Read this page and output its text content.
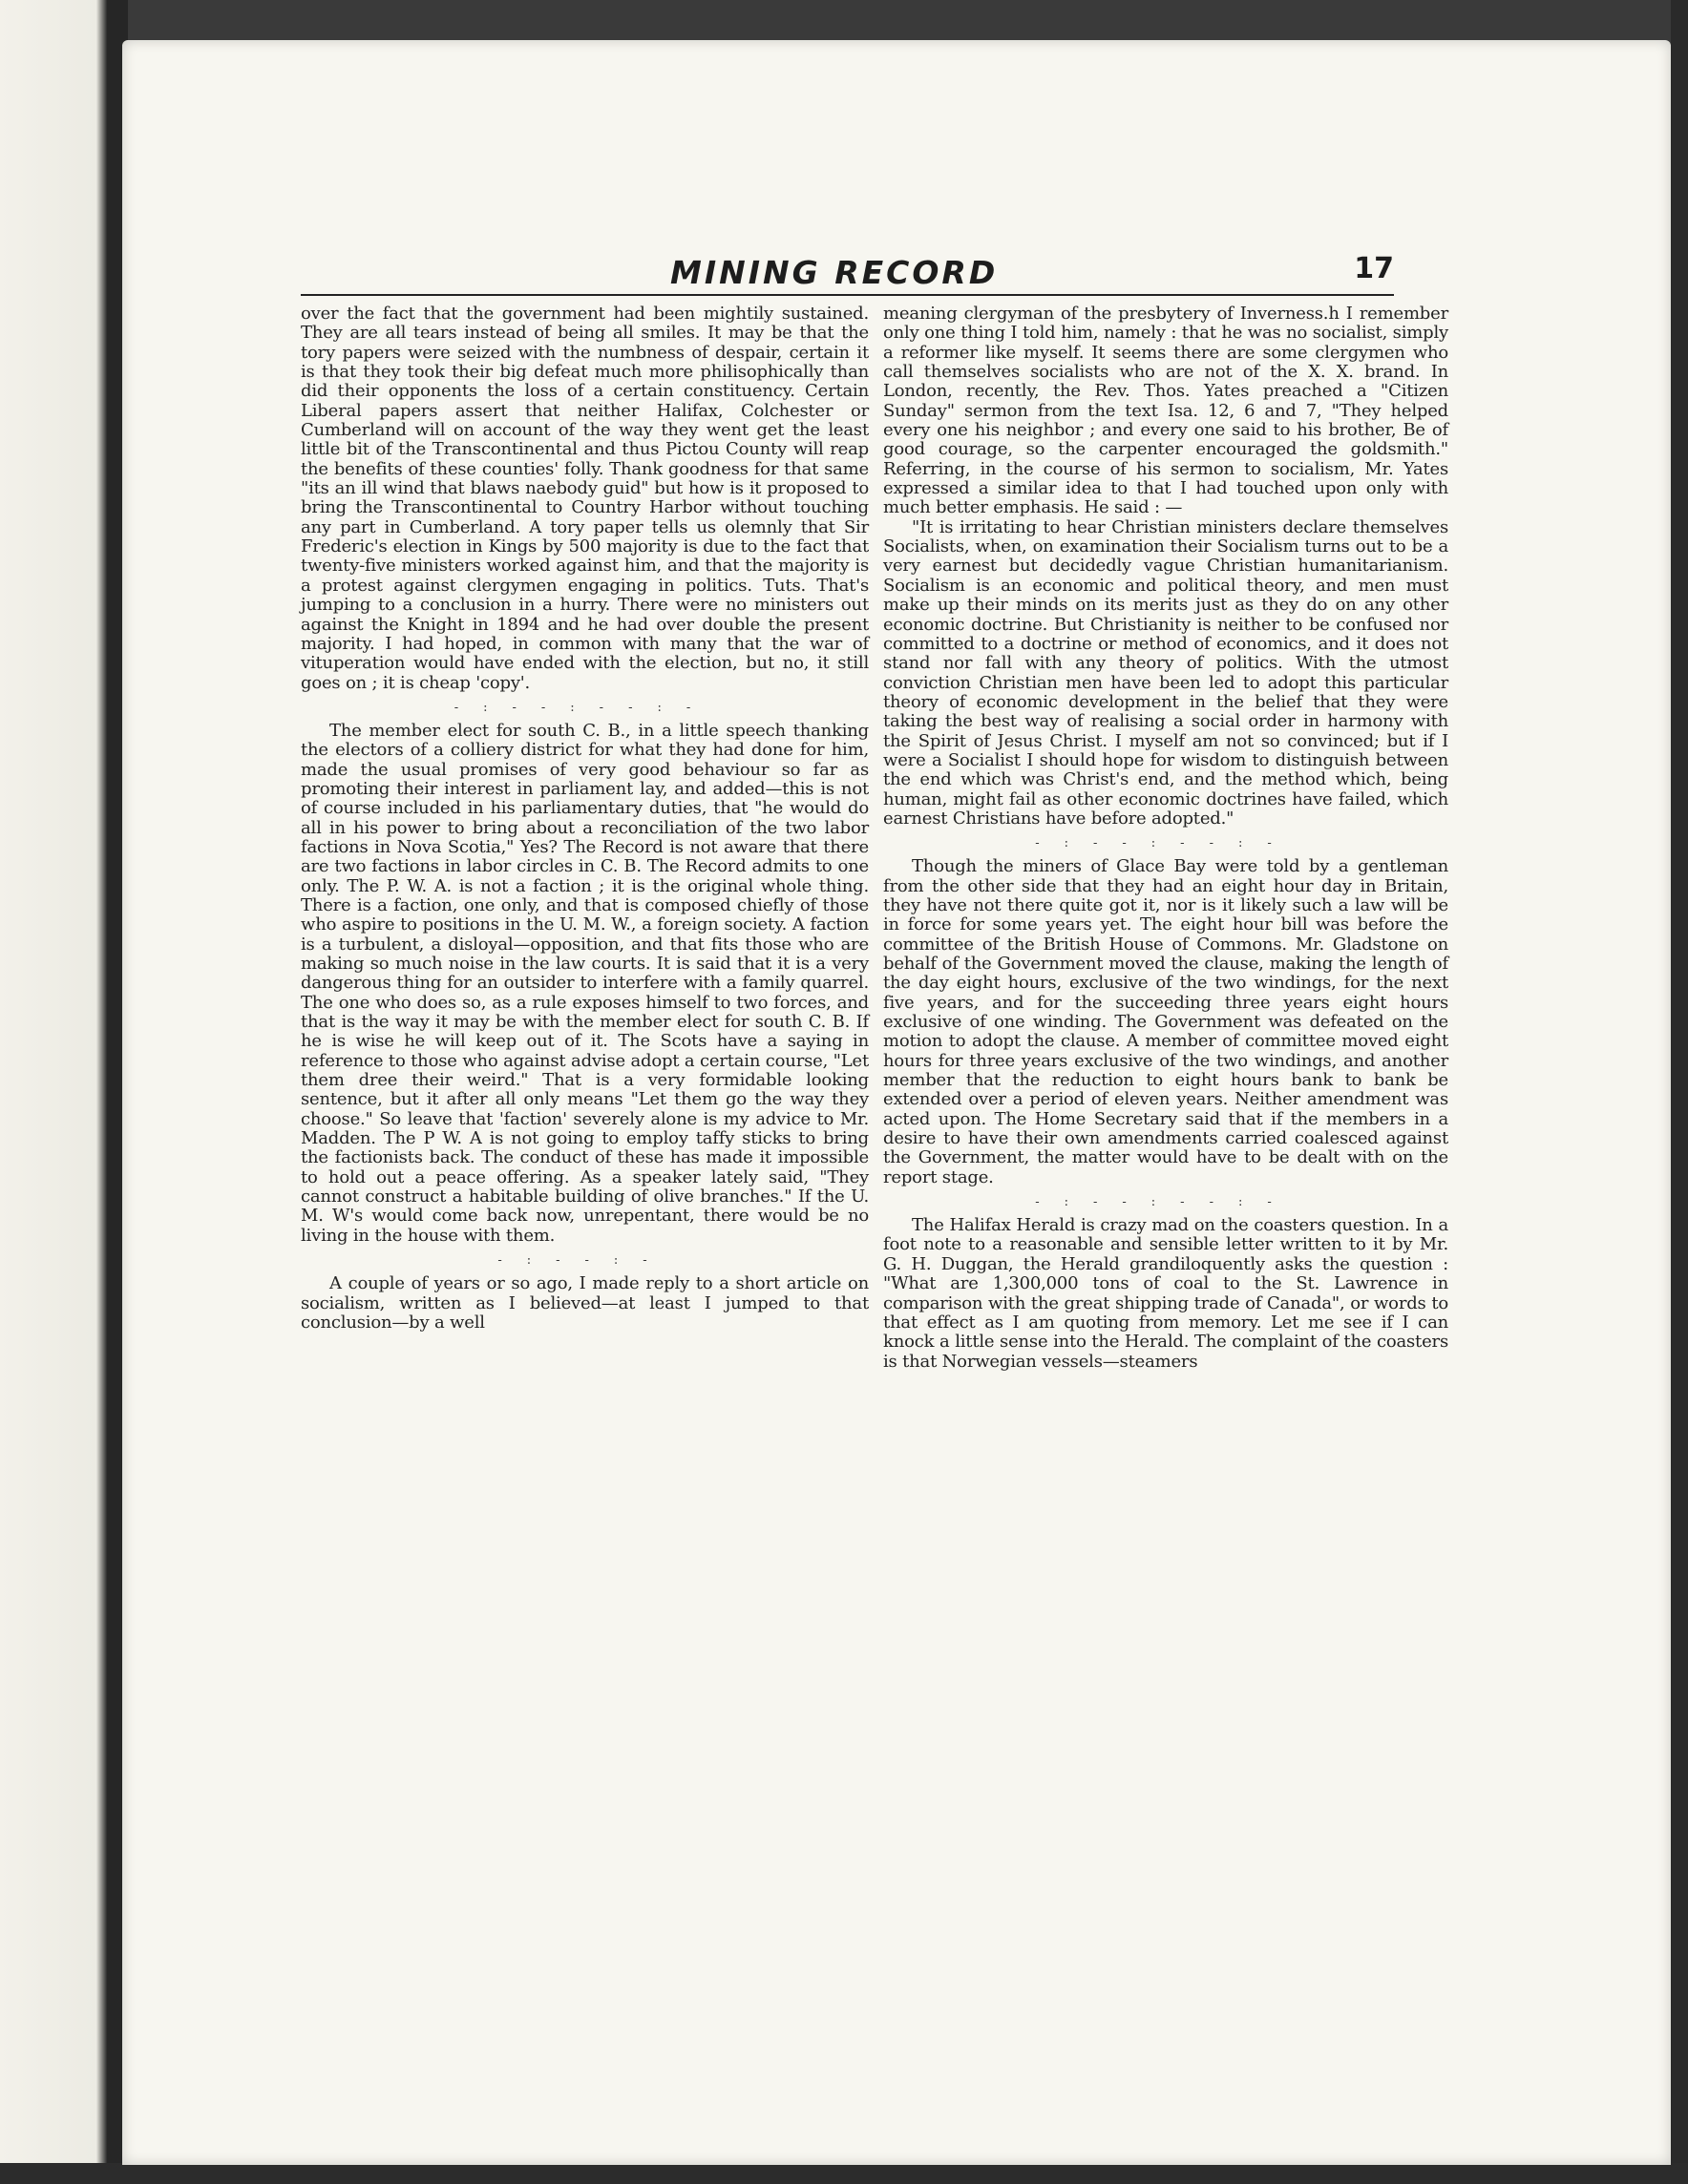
MINING RECORD	17

over the fact that the government had been mightily sustained. They are all tears instead of being all smiles. It may be that the tory papers were seized with the numbness of despair, certain it is that they took their big defeat much more philisophically than did their opponents the loss of a certain constituency. Certain Liberal papers assert that neither Halifax, Colchester or Cumberland will on account of the way they went get the least little bit of the Transcontinental and thus Pictou County will reap the benefits of these counties' folly. Thank goodness for that same "its an ill wind that blaws naebody guid" but how is it proposed to bring the Transcontinental to Country Harbor without touching any part in Cumberland. A tory paper tells us olemnly that Sir Frederic's election in Kings by 500 majority is due to the fact that twenty-five ministers worked against him, and that the majority is a protest against clergymen engaging in politics. Tuts. That's jumping to a conclusion in a hurry. There were no ministers out against the Knight in 1894 and he had over double the present majority. I had hoped, in common with many that the war of vituperation would have ended with the election, but no, it still goes on ; it is cheap 'copy'.

-:--:--:-

The member elect for south C. B., in a little speech thanking the electors of a colliery district for what they had done for him, made the usual promises of very good behaviour so far as promoting their interest in parliament lay, and added—this is not of course included in his parliamentary duties, that "he would do all in his power to bring about a reconciliation of the two labor factions in Nova Scotia," Yes? The Record is not aware that there are two factions in labor circles in C. B. The Record admits to one only. The P. W. A. is not a faction ; it is the original whole thing. There is a faction, one only, and that is composed chiefly of those who aspire to positions in the U. M. W., a foreign society. A faction is a turbulent, a disloyal—opposition, and that fits those who are making so much noise in the law courts. It is said that it is a very dangerous thing for an outsider to interfere with a family quarrel. The one who does so, as a rule exposes himself to two forces, and that is the way it may be with the member elect for south C. B. If he is wise he will keep out of it. The Scots have a saying in reference to those who against advise adopt a certain course, "Let them dree their weird." That is a very formidable looking sentence, but it after all only means "Let them go the way they choose." So leave that 'faction' severely alone is my advice to Mr. Madden. The P W. A is not going to employ taffy sticks to bring the factionists back. The conduct of these has made it impossible to hold out a peace offering. As a speaker lately said, "They cannot construct a habitable building of olive branches." If the U. M. W's would come back now, unrepentant, there would be no living in the house with them.

-:--:-

A couple of years or so ago, I made reply to a short article on socialism, written as I believed—at least I jumped to that conclusion—by a well

meaning clergyman of the presbytery of Inverness.h I remember only one thing I told him, namely : that he was no socialist, simply a reformer like myself. It seems there are some clergymen who call themselves socialists who are not of the X. X. brand. In London, recently, the Rev. Thos. Yates preached a "Citizen Sunday" sermon from the text Isa. 12, 6 and 7, "They helped every one his neighbor ; and every one said to his brother, Be of good courage, so the carpenter encouraged the goldsmith." Referring, in the course of his sermon to socialism, Mr. Yates expressed a similar idea to that I had touched upon only with much better emphasis. He said : —

"It is irritating to hear Christian ministers declare themselves Socialists, when, on examination their Socialism turns out to be a very earnest but decidedly vague Christian humanitarianism. Socialism is an economic and political theory, and men must make up their minds on its merits just as they do on any other economic doctrine. But Christianity is neither to be confused nor committed to a doctrine or method of economics, and it does not stand nor fall with any theory of politics. With the utmost conviction Christian men have been led to adopt this particular theory of economic development in the belief that they were taking the best way of realising a social order in harmony with the Spirit of Jesus Christ. I myself am not so convinced; but if I were a Socialist I should hope for wisdom to distinguish between the end which was Christ's end, and the method which, being human, might fail as other economic doctrines have failed, which earnest Christians have before adopted."

-:--:--:-

Though the miners of Glace Bay were told by a gentleman from the other side that they had an eight hour day in Britain, they have not there quite got it, nor is it likely such a law will be in force for some years yet. The eight hour bill was before the committee of the British House of Commons. Mr. Gladstone on behalf of the Government moved the clause, making the length of the day eight hours, exclusive of the two windings, for the next five years, and for the succeeding three years eight hours exclusive of one winding. The Government was defeated on the motion to adopt the clause. A member of committee moved eight hours for three years exclusive of the two windings, and another member that the reduction to eight hours bank to bank be extended over a period of eleven years. Neither amendment was acted upon. The Home Secretary said that if the members in a desire to have their own amendments carried coalesced against the Government, the matter would have to be dealt with on the report stage.

-:--:--:-

The Halifax Herald is crazy mad on the coasters question. In a foot note to a reasonable and sensible letter written to it by Mr. G. H. Duggan, the Herald grandiloquently asks the question : "What are 1,300,000 tons of coal to the St. Lawrence in comparison with the great shipping trade of Canada", or words to that effect as I am quoting from memory. Let me see if I can knock a little sense into the Herald. The complaint of the coasters is that Norwegian vessels—steamers
